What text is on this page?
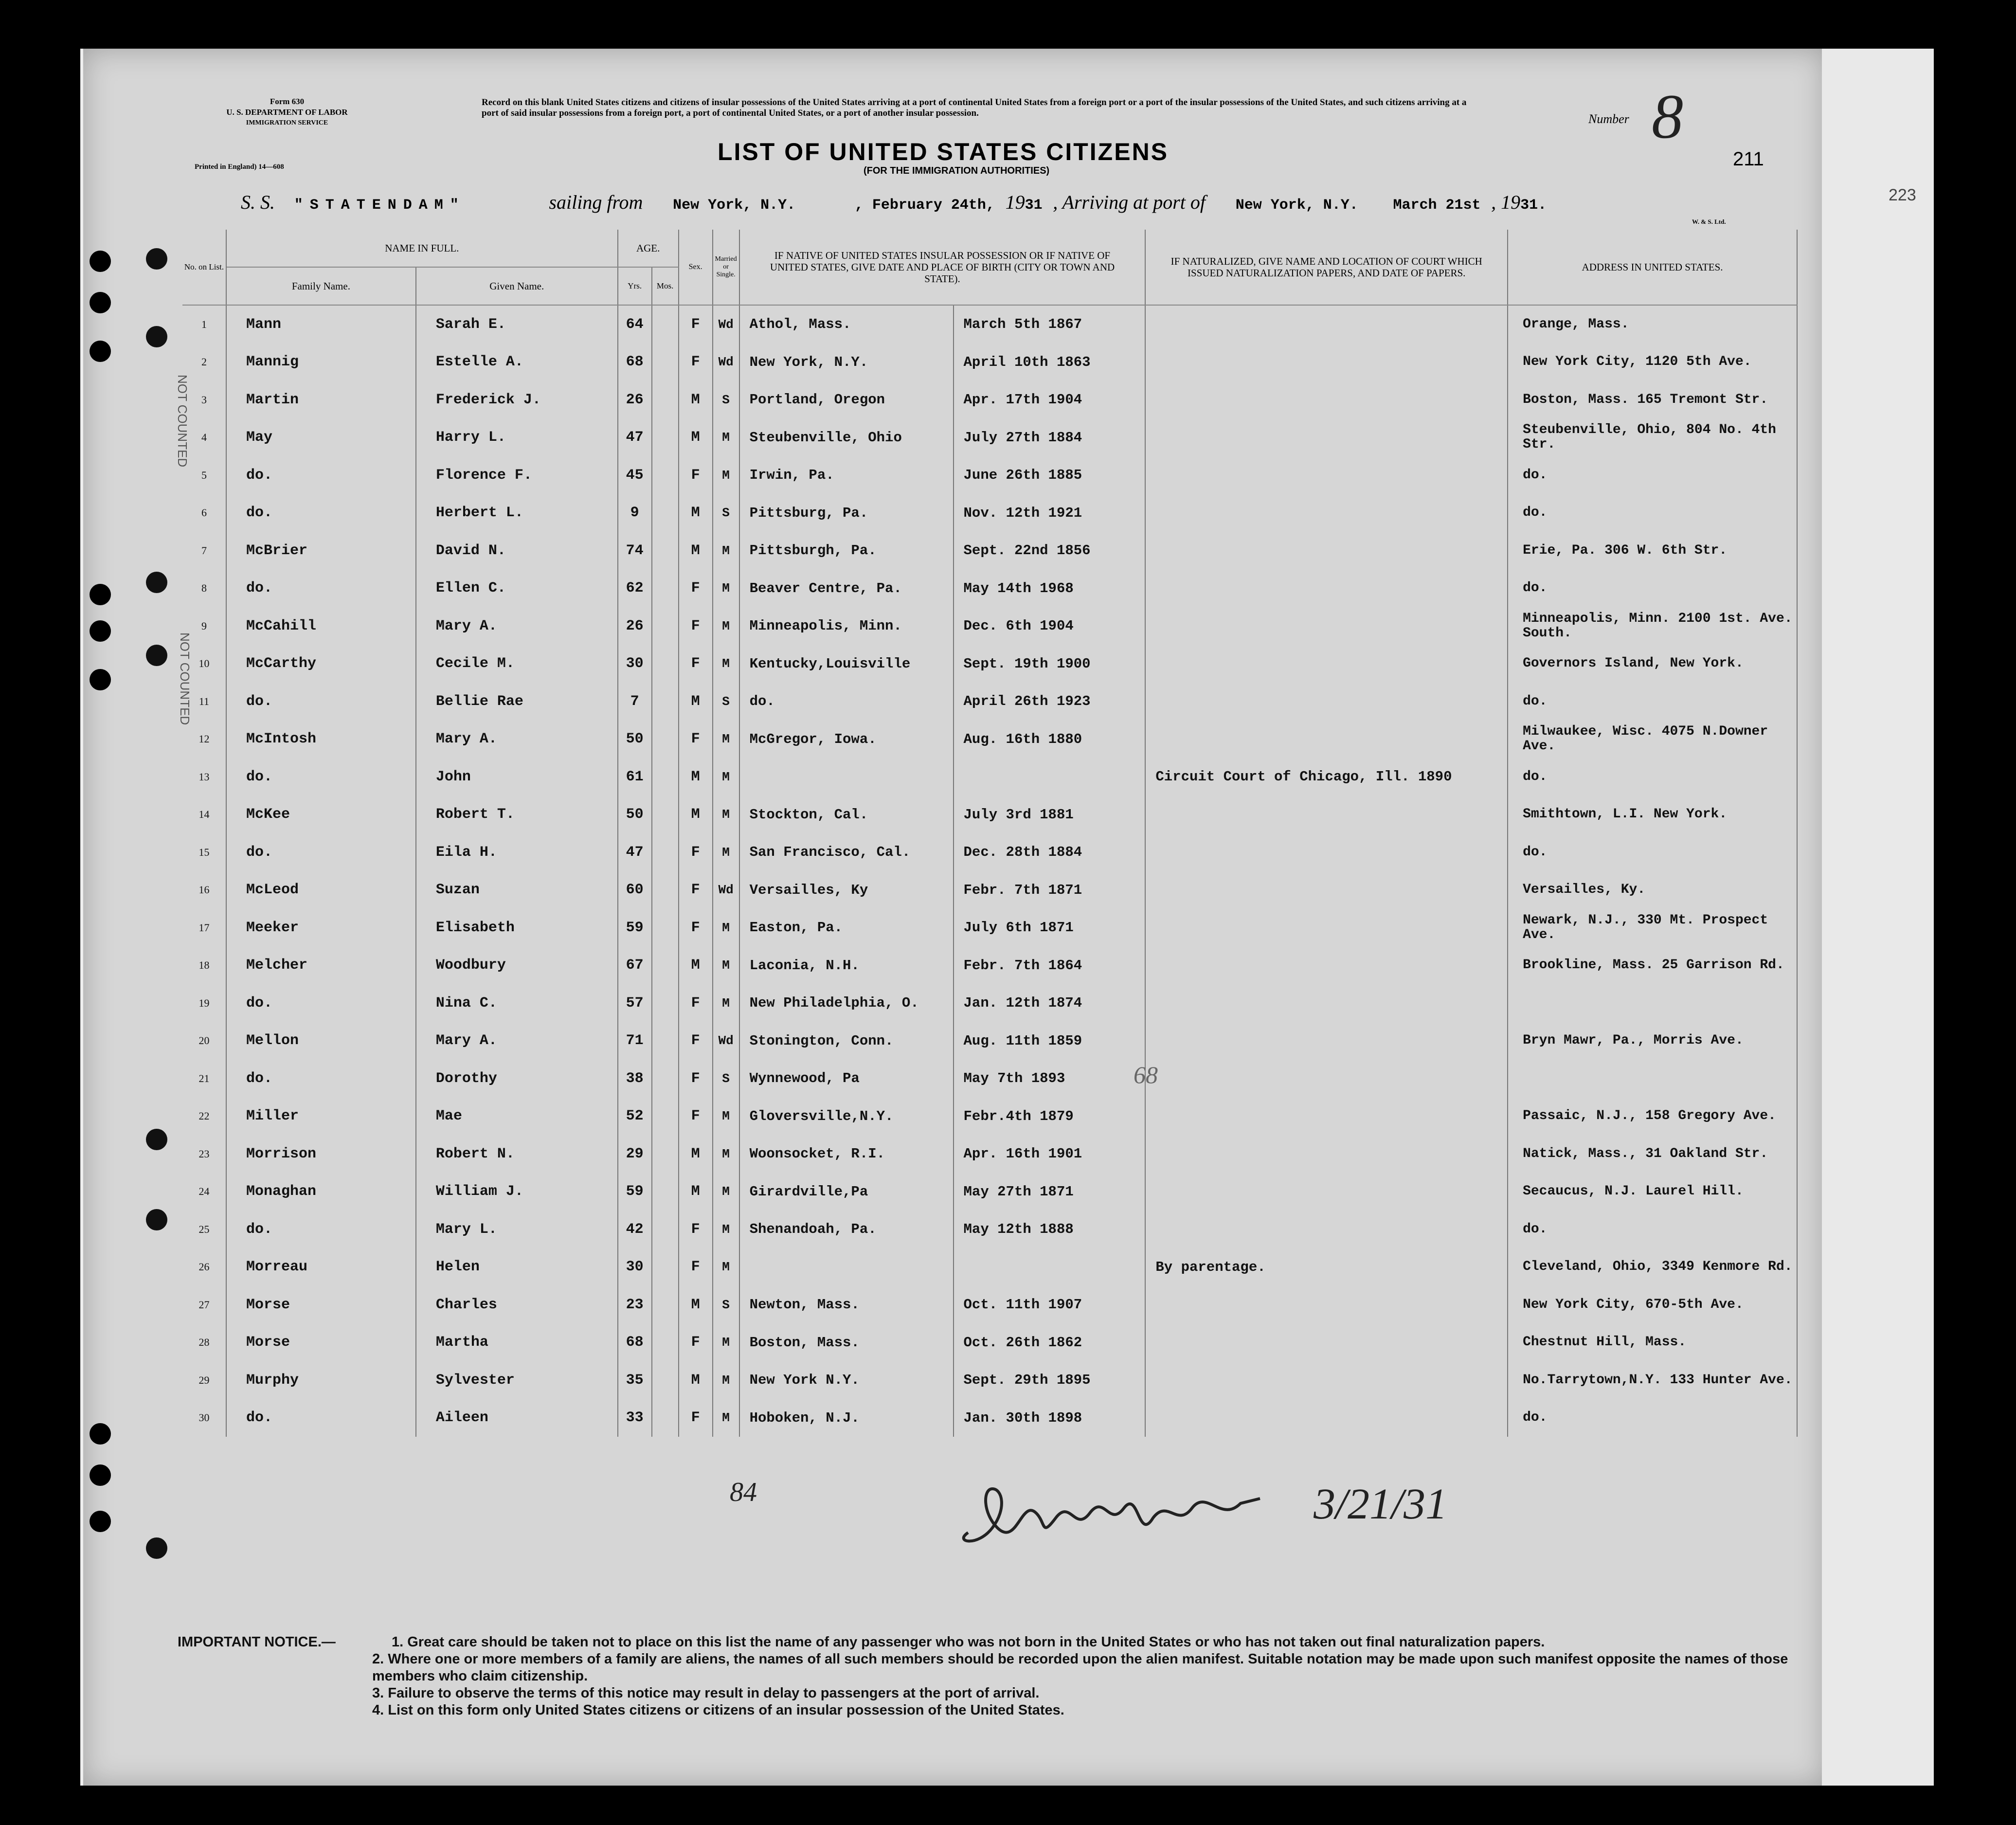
Form 630
U. S. DEPARTMENT OF LABOR
IMMIGRATION SERVICE
Printed in England) 14—608
Record on this blank United States citizens and citizens of insular possessions of the United States arriving at a port of continental United States from a foreign port or a port of the insular possessions of the United States, and such citizens arriving at a port of said insular possessions from a foreign port, a port of continental United States, or a port of another insular possession.
LIST OF UNITED STATES CITIZENS
(FOR THE IMMIGRATION AUTHORITIES)
Number 8
211
223
S. S. "STATENDAM"	sailing from New York, N.Y.	, February 24th, 1931 , Arriving at port of New York, N.Y. March 21st , 1931.
W. & S. Ltd.
No. on List.	NAME IN FULL.		AGE.		Sex.	Married or Single.	IF NATIVE OF UNITED STATES INSULAR POSSESSION OR IF NATIVE OF UNITED STATES, GIVE DATE AND PLACE OF BIRTH (CITY OR TOWN AND STATE).		IF NATURALIZED, GIVE NAME AND LOCATION OF COURT WHICH ISSUED NATURALIZATION PAPERS, AND DATE OF PAPERS.	ADDRESS IN UNITED STATES.
	Family Name.	Given Name.	Yrs.	Mos.						
1	Mann	Sarah E.	64		F	Wd	Athol, Mass.	March 5th 1867		Orange, Mass.
2	Mannig	Estelle A.	68		F	Wd	New York, N.Y.	April 10th 1863		New York City, 1120 5th Ave.
3	Martin	Frederick J.	26		M	S	Portland, Oregon	Apr. 17th 1904		Boston, Mass. 165 Tremont Str.
4	May	Harry L.	47		M	M	Steubenville, Ohio	July 27th 1884		Steubenville, Ohio, 804 No. 4th Str.
5	do.	Florence F.	45		F	M	Irwin, Pa.	June 26th 1885		do.
6	do.	Herbert L.	9		M	S	Pittsburg, Pa.	Nov. 12th 1921		do.
7	McBrier	David N.	74		M	M	Pittsburgh, Pa.	Sept. 22nd 1856		Erie, Pa. 306 W. 6th Str.
8	do.	Ellen C.	62		F	M	Beaver Centre, Pa.	May 14th 1968		do.
9	McCahill	Mary A.	26		F	M	Minneapolis, Minn.	Dec. 6th 1904		Minneapolis, Minn. 2100 1st. Ave. South.
10	McCarthy	Cecile M.	30		F	M	Kentucky,Louisville	Sept. 19th 1900		Governors Island, New York.
11	do.	Bellie Rae	7		M	S	do.	April 26th 1923		do.
12	McIntosh	Mary A.	50		F	M	McGregor, Iowa.	Aug. 16th 1880		Milwaukee, Wisc. 4075 N.Downer Ave.
13	do.	John	61		M	M			Circuit Court of Chicago, Ill. 1890	do.
14	McKee	Robert T.	50		M	M	Stockton, Cal.	July 3rd 1881		Smithtown, L.I. New York.
15	do.	Eila H.	47		F	M	San Francisco, Cal.	Dec. 28th 1884		do.
16	McLeod	Suzan	60		F	Wd	Versailles, Ky	Febr. 7th 1871		Versailles, Ky.
17	Meeker	Elisabeth	59		F	M	Easton, Pa.	July 6th 1871		Newark, N.J., 330 Mt. Prospect Ave.
18	Melcher	Woodbury	67		M	M	Laconia, N.H.	Febr. 7th 1864		Brookline, Mass. 25 Garrison Rd.
19	do.	Nina C.	57		F	M	New Philadelphia, O.	Jan. 12th 1874		
20	Mellon	Mary A.	71		F	Wd	Stonington, Conn.	Aug. 11th 1859		Bryn Mawr, Pa., Morris Ave.
21	do.	Dorothy	38		F	S	Wynnewood, Pa	May 7th 1893		
22	Miller	Mae	52		F	M	Gloversville,N.Y.	Febr.4th 1879		Passaic, N.J., 158 Gregory Ave.
23	Morrison	Robert N.	29		M	M	Woonsocket, R.I.	Apr. 16th 1901		Natick, Mass., 31 Oakland Str.
24	Monaghan	William J.	59		M	M	Girardville,Pa	May 27th 1871		Secaucus, N.J. Laurel Hill.
25	do.	Mary L.	42		F	M	Shenandoah, Pa.	May 12th 1888		do.
26	Morreau	Helen	30		F	M			By parentage.	Cleveland, Ohio, 3349 Kenmore Rd.
27	Morse	Charles	23		M	S	Newton, Mass.	Oct. 11th 1907		New York City, 670-5th Ave.
28	Morse	Martha	68		F	M	Boston, Mass.	Oct. 26th 1862		Chestnut Hill, Mass.
29	Murphy	Sylvester	35		M	M	New York N.Y.	Sept. 29th 1895		No.Tarrytown,N.Y. 133 Hunter Ave.
30	do.	Aileen	33		F	M	Hoboken, N.J.	Jan. 30th 1898		do.
NOT COUNTED
NOT COUNTED
84
68
3/21/31
IMPORTANT NOTICE.—	1. Great care should be taken not to place on this list the name of any passenger who was not born in the United States or who has not taken out final naturalization papers.
2. Where one or more members of a family are aliens, the names of all such members should be recorded upon the alien manifest. Suitable notation may be made upon such manifest opposite the names of those members who claim citizenship.
3. Failure to observe the terms of this notice may result in delay to passengers at the port of arrival.
4. List on this form only United States citizens or citizens of an insular possession of the United States.
